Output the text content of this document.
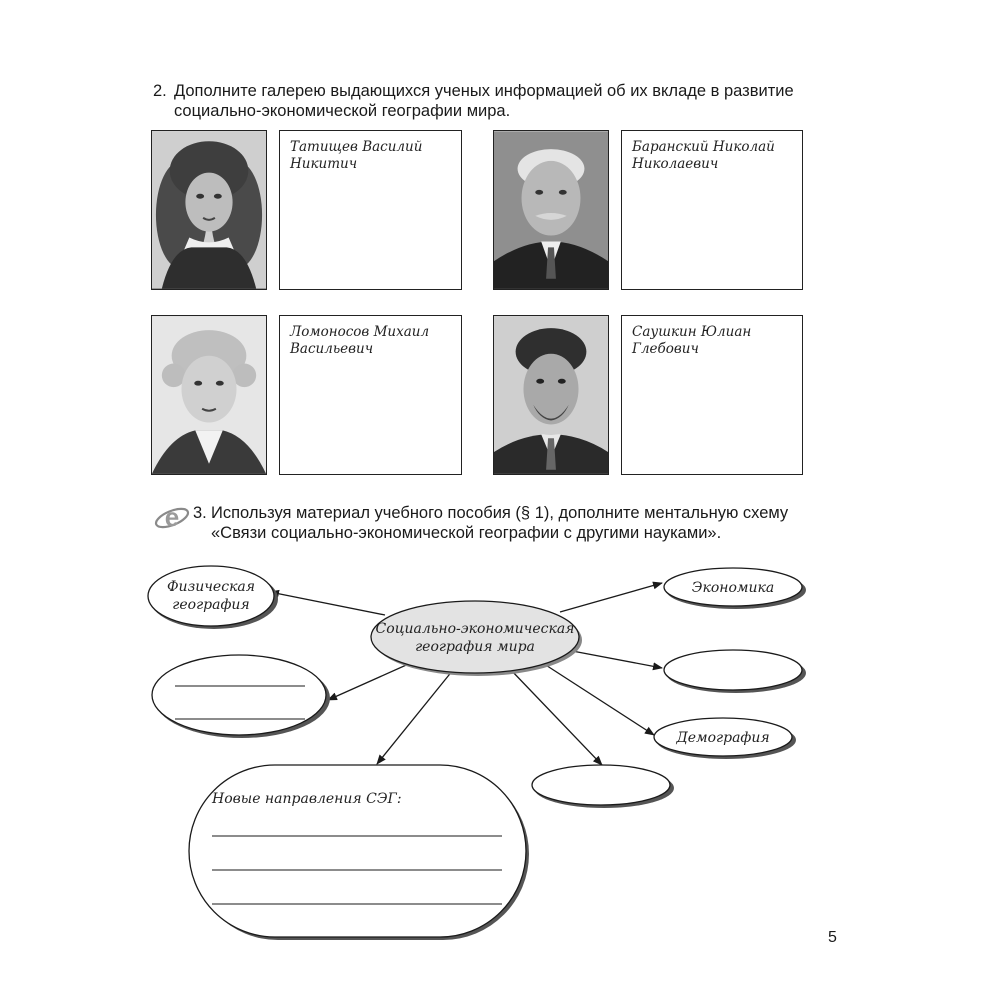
2. Дополните галерею выдающихся ученых информацией об их вкладе в развитие
социально-экономической географии мира.
Татищев Василий
Никитич
Баранский Николай
Николаевич
Ломоносов Михаил
Васильевич
Саушкин Юлиан
Глебович
e 3. Используя материал учебного пособия (§ 1), дополните ментальную схему
«Связи социально-экономической географии с другими науками».
Социально-экономическая
география мира
Физическая
география
Экономика
Демография
Новые направления СЭГ:
5
